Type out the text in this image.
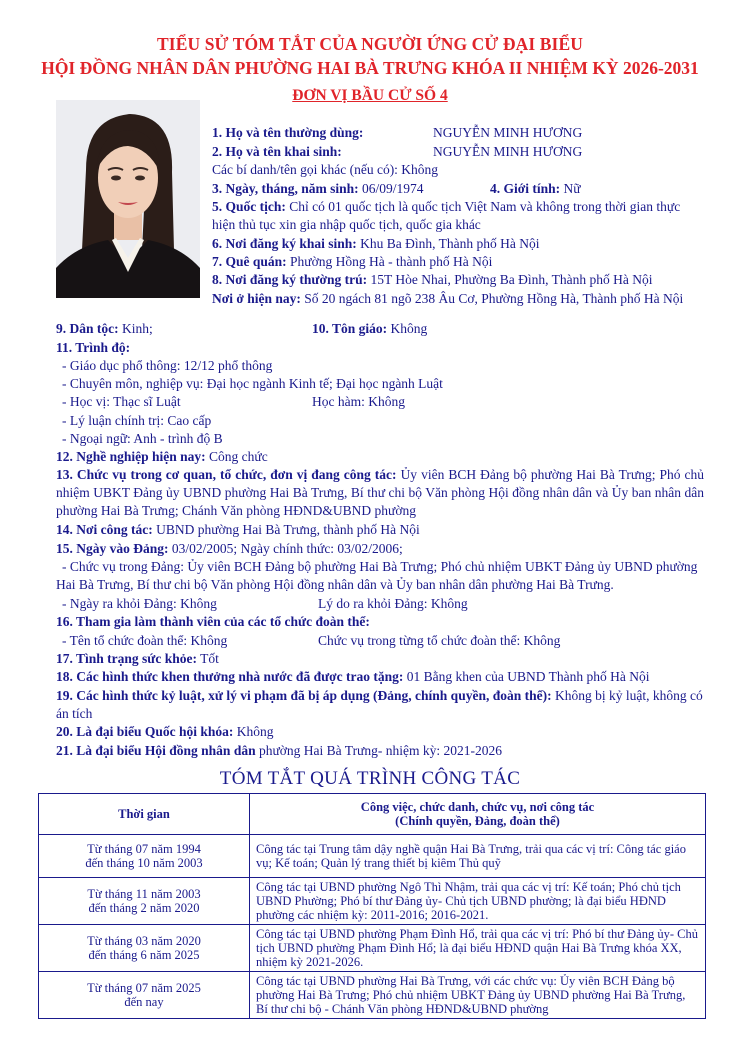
TIỂU SỬ TÓM TẮT CỦA NGƯỜI ỨNG CỬ ĐẠI BIỂU
HỘI ĐỒNG NHÂN DÂN PHƯỜNG HAI BÀ TRƯNG KHÓA II NHIỆM KỲ 2026-2031
ĐƠN VỊ BẦU CỬ SỐ 4
1. Họ và tên thường dùng:	NGUYỄN MINH HƯƠNG
2. Họ và tên khai sinh:	NGUYỄN MINH HƯƠNG
Các bí danh/tên gọi khác (nếu có): Không
3. Ngày, tháng, năm sinh: 06/09/1974	4. Giới tính: Nữ
5. Quốc tịch: Chỉ có 01 quốc tịch là quốc tịch Việt Nam và không trong thời gian thực
hiện thủ tục xin gia nhập quốc tịch, quốc gia khác
6. Nơi đăng ký khai sinh: Khu Ba Đình, Thành phố Hà Nội
7. Quê quán: Phường Hồng Hà - thành phố Hà Nội
8. Nơi đăng ký thường trú: 15T Hòe Nhai, Phường Ba Đình, Thành phố Hà Nội
Nơi ở hiện nay: Số 20 ngách 81 ngõ 238 Âu Cơ, Phường Hồng Hà, Thành phố Hà Nội
9. Dân tộc: Kinh;	10. Tôn giáo: Không
11. Trình độ:
- Giáo dục phổ thông: 12/12 phổ thông
- Chuyên môn, nghiệp vụ: Đại học ngành Kinh tế; Đại học ngành Luật
- Học vị: Thạc sĩ Luật	Học hàm: Không
- Lý luận chính trị: Cao cấp
- Ngoại ngữ: Anh - trình độ B
12. Nghề nghiệp hiện nay: Công chức
13. Chức vụ trong cơ quan, tổ chức, đơn vị đang công tác: Ủy viên BCH Đảng bộ phường Hai Bà Trưng; Phó chủ nhiệm UBKT Đảng ủy UBND phường Hai Bà Trưng, Bí thư chi bộ Văn phòng Hội đồng nhân dân và Ủy ban nhân dân phường Hai Bà Trưng; Chánh Văn phòng HĐND&UBND phường
14. Nơi công tác: UBND phường Hai Bà Trưng, thành phố Hà Nội
15. Ngày vào Đảng: 03/02/2005; Ngày chính thức: 03/02/2006;
- Chức vụ trong Đảng: Ủy viên BCH Đảng bộ phường Hai Bà Trưng; Phó chủ nhiệm UBKT Đảng ủy UBND phường Hai Bà Trưng, Bí thư chi bộ Văn phòng Hội đồng nhân dân và Ủy ban nhân dân phường Hai Bà Trưng.
- Ngày ra khỏi Đảng: Không	Lý do ra khỏi Đảng: Không
16. Tham gia làm thành viên của các tổ chức đoàn thể:
- Tên tổ chức đoàn thể: Không	Chức vụ trong từng tổ chức đoàn thể: Không
17. Tình trạng sức khỏe: Tốt
18. Các hình thức khen thưởng nhà nước đã được trao tặng: 01 Bằng khen của UBND Thành phố Hà Nội
19. Các hình thức kỷ luật, xử lý vi phạm đã bị áp dụng (Đảng, chính quyền, đoàn thể): Không bị kỷ luật, không có án tích
20. Là đại biểu Quốc hội khóa: Không
21. Là đại biểu Hội đồng nhân dân phường Hai Bà Trưng- nhiệm kỳ: 2021-2026
TÓM TẮT QUÁ TRÌNH CÔNG TÁC
Thời gian	Công việc, chức danh, chức vụ, nơi công tác
(Chính quyền, Đảng, đoàn thể)

Từ tháng 07 năm 1994
đến tháng 10 năm 2003	Công tác tại Trung tâm dậy nghề quận Hai Bà Trưng, trải qua các vị trí: Công tác giáo vụ; Kế toán; Quản lý trang thiết bị kiêm Thủ quỹ

Từ tháng 11 năm 2003
đến tháng 2 năm 2020	Công tác tại UBND phường Ngô Thì Nhậm, trải qua các vị trí: Kế toán; Phó chủ tịch UBND Phường; Phó bí thư Đảng ủy- Chủ tịch UBND phường; là đại biểu HĐND phường các nhiệm kỳ: 2011-2016; 2016-2021.

Từ tháng 03 năm 2020
đến tháng 6 năm 2025	Công tác tại UBND phường Phạm Đình Hổ, trải qua các vị trí: Phó bí thư Đảng ủy- Chủ tịch UBND phường Phạm Đình Hổ; là đại biểu HĐND quận Hai Bà Trưng khóa XX, nhiệm kỳ 2021-2026.

Từ tháng 07 năm 2025
đến nay	Công tác tại UBND phường Hai Bà Trưng, với các chức vụ: Ủy viên BCH Đảng bộ phường Hai Bà Trưng; Phó chủ nhiệm UBKT Đảng ủy UBND phường Hai Bà Trưng, Bí thư chi bộ - Chánh Văn phòng HĐND&UBND phường
